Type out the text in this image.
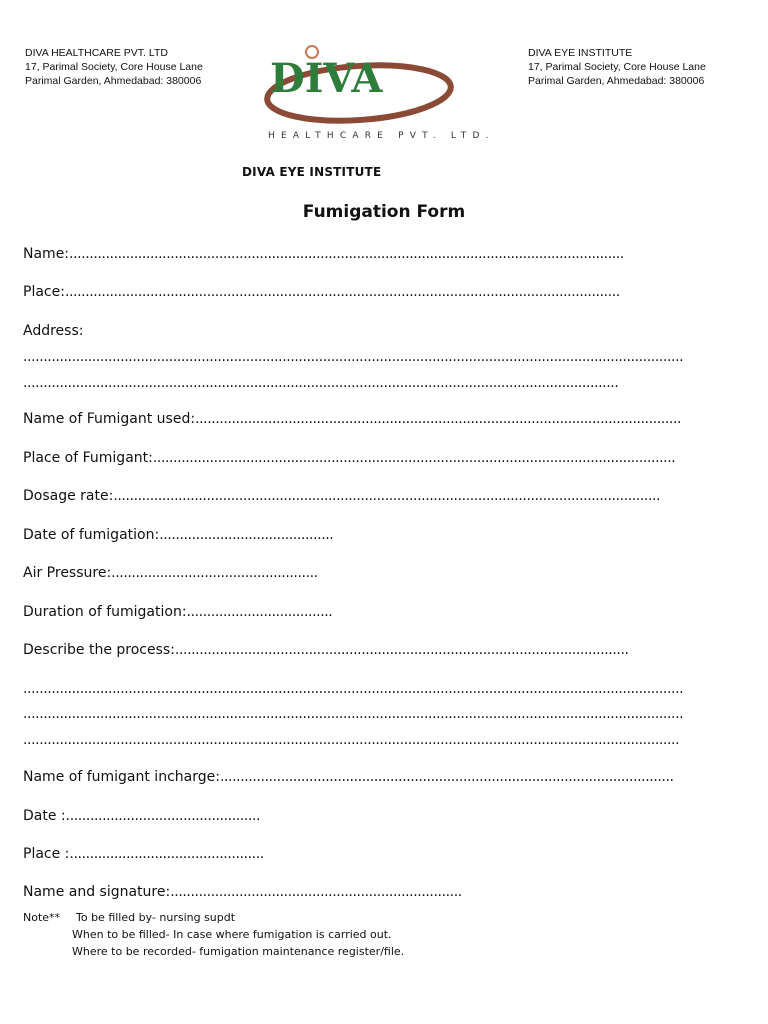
DIVA HEALTHCARE PVT. LTD
17, Parimal Society, Core House Lane
Parimal Garden, Ahmedabad: 380006
DIVA EYE INSTITUTE
17, Parimal Society, Core House Lane
Parimal Garden, Ahmedabad: 380006
DIVA
HEALTHCARE PVT. LTD.
DIVA EYE INSTITUTE
Fumigation Form
Name:.........................................................................................................................................
Place:.........................................................................................................................................
Address:
...................................................................................................................................................................
...................................................................................................................................................
Name of Fumigant used:........................................................................................................................
Place of Fumigant:.................................................................................................................................
Dosage rate:.......................................................................................................................................
Date of fumigation:...........................................
Air Pressure:...................................................
Duration of fumigation:....................................
Describe the process:................................................................................................................
...................................................................................................................................................................
...................................................................................................................................................................
..................................................................................................................................................................
Name of fumigant incharge:................................................................................................................
Date :................................................
Place :................................................
Name and signature:........................................................................
Note** To be filled by- nursing supdt
When to be filled- In case where fumigation is carried out.
Where to be recorded- fumigation maintenance register/file.
